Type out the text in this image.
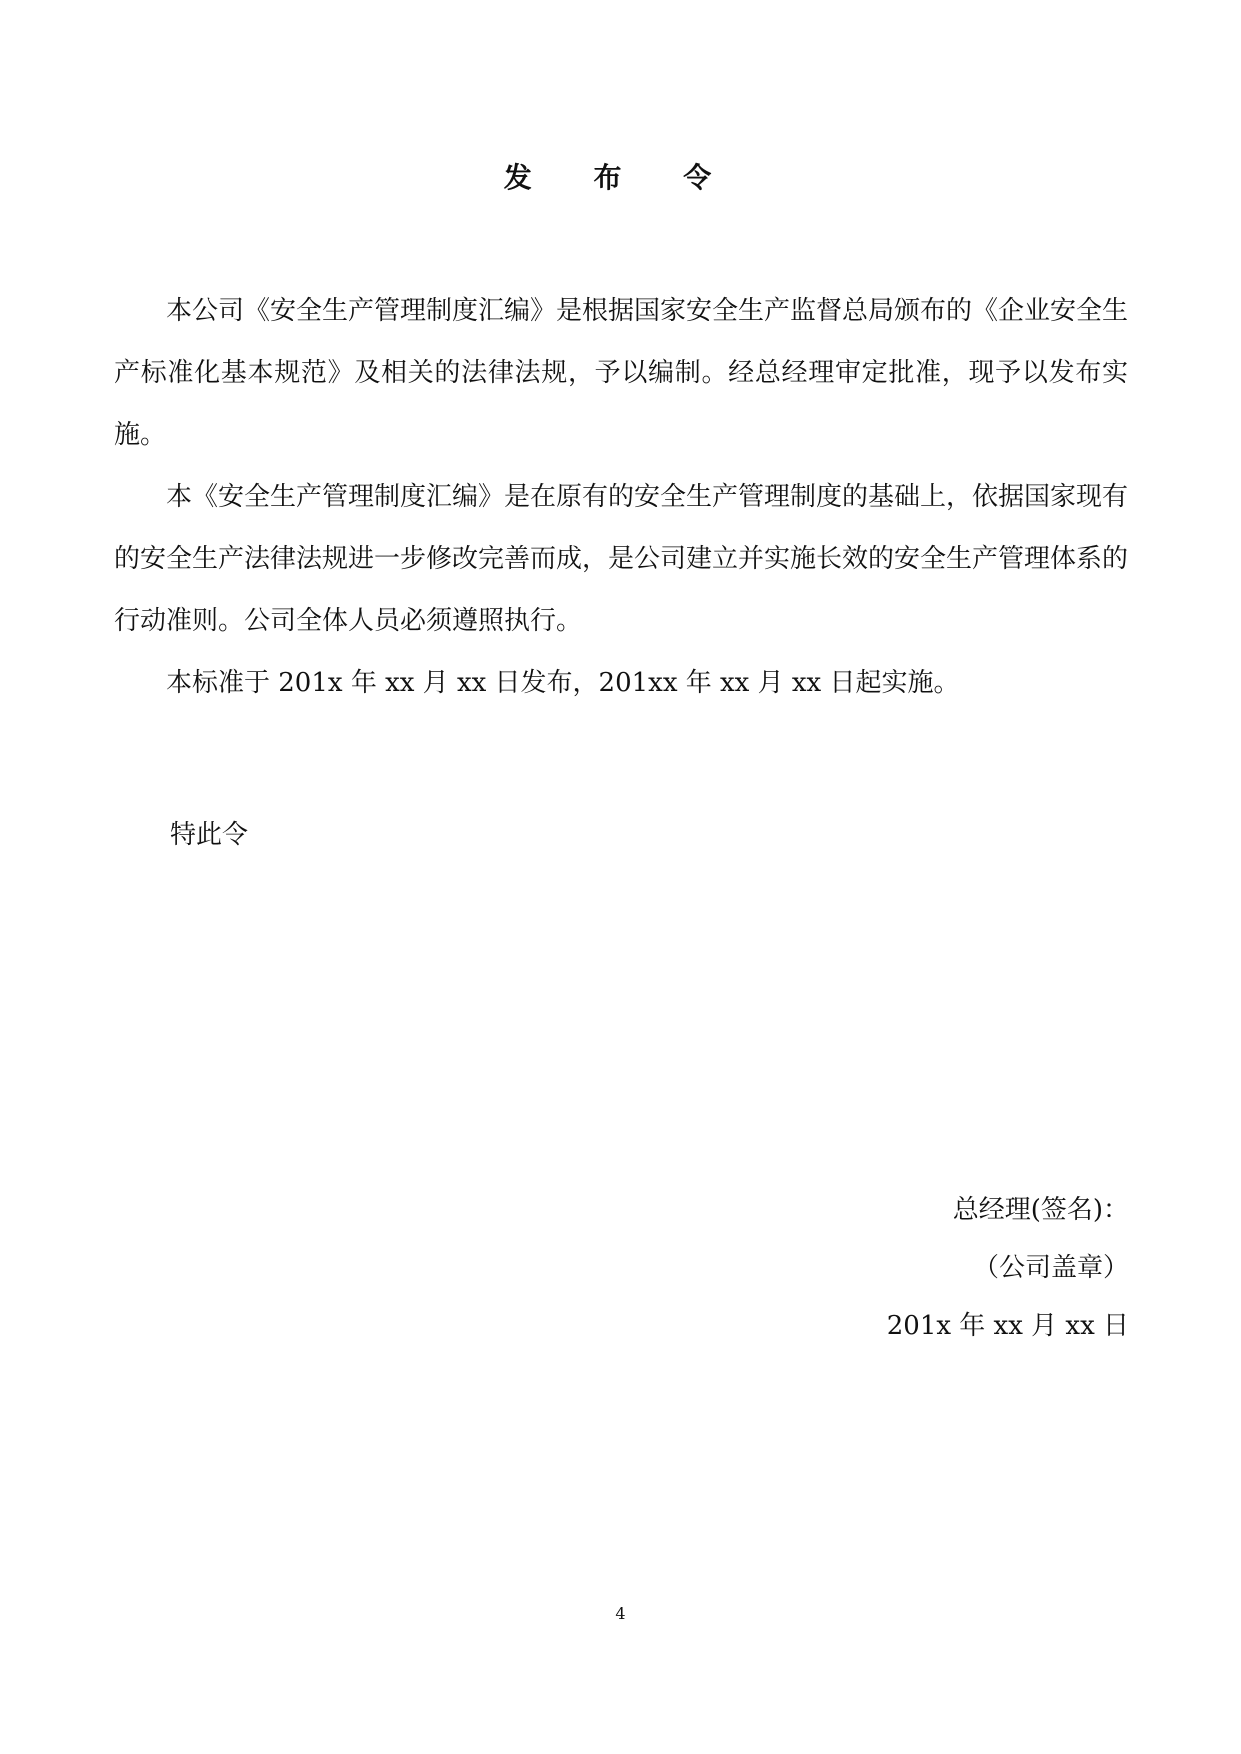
发 布 令

本公司《安全生产管理制度汇编》是根据国家安全生产监督总局颁布的《企业安全生产标准化基本规范》及相关的法律法规，予以编制。经总经理审定批准，现予以发布实施。

本《安全生产管理制度汇编》是在原有的安全生产管理制度的基础上，依据国家现有的安全生产法律法规进一步修改完善而成，是公司建立并实施长效的安全生产管理体系的行动准则。公司全体人员必须遵照执行。

本标准于 201x 年 xx 月 xx 日发布，201xx 年 xx 月 xx 日起实施。

特此令
总经理(签名)：
（公司盖章）
201x 年 xx 月 xx 日
4
